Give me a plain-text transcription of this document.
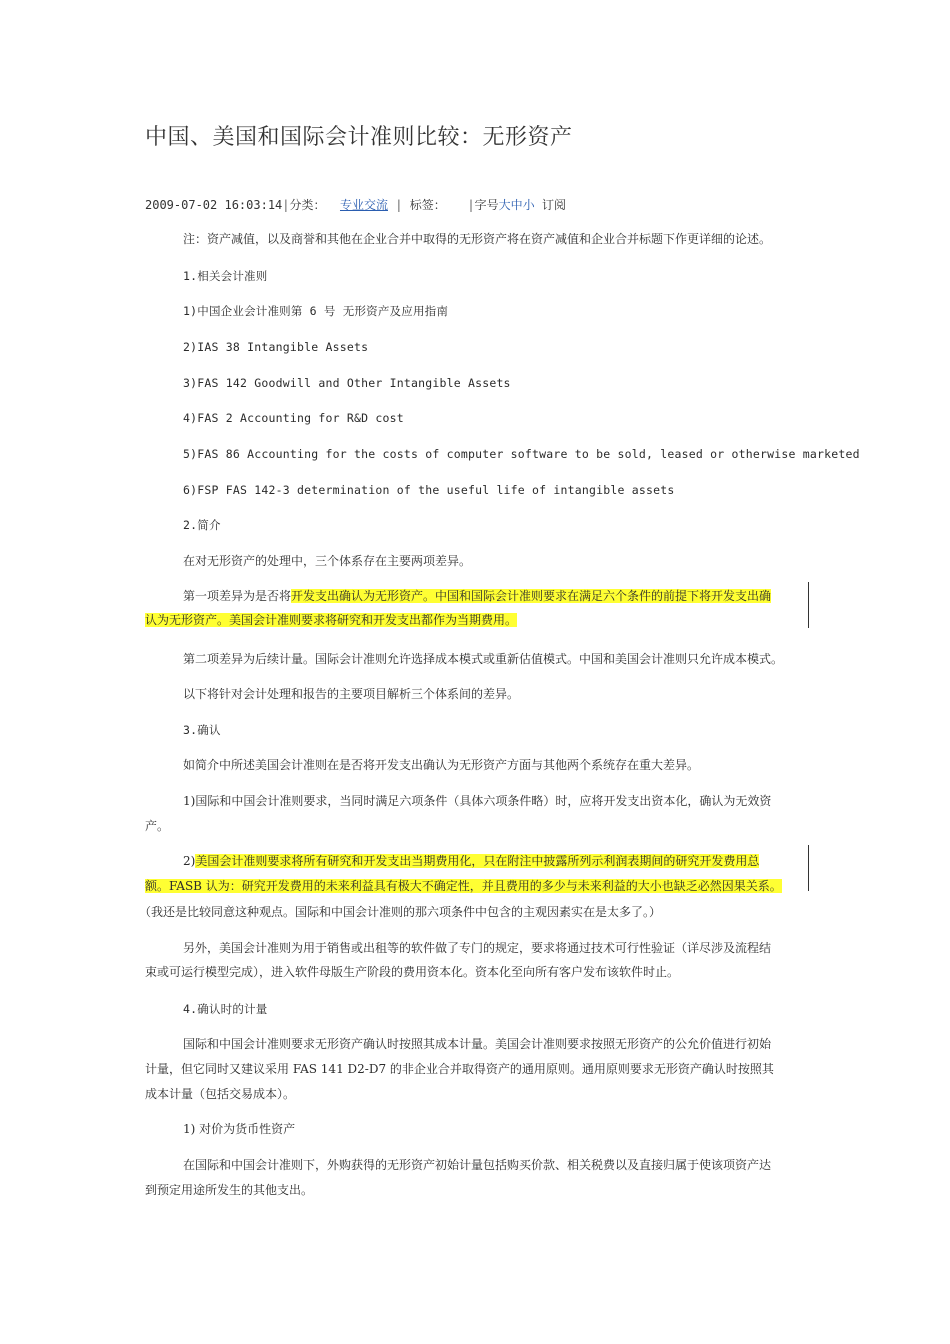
中国、美国和国际会计准则比较：无形资产
2009-07-02 16:03:14|分类： 专业交流 | 标签： |字号大中小 订阅
注：资产减值，以及商誉和其他在企业合并中取得的无形资产将在资产减值和企业合并标题下作更详细的论述。
1.相关会计准则
1)中国企业会计准则第 6 号 无形资产及应用指南
2)IAS 38 Intangible Assets
3)FAS 142 Goodwill and Other Intangible Assets
4)FAS 2 Accounting for R&D cost
5)FAS 86 Accounting for the costs of computer software to be sold, leased or otherwise marketed
6)FSP FAS 142-3 determination of the useful life of intangible assets
2.简介
在对无形资产的处理中，三个体系存在主要两项差异。
第一项差异为是否将开发支出确认为无形资产。中国和国际会计准则要求在满足六个条件的前提下将开发支出确
认为无形资产。美国会计准则要求将研究和开发支出都作为当期费用。
第二项差异为后续计量。国际会计准则允许选择成本模式或重新估值模式。中国和美国会计准则只允许成本模式。
以下将针对会计处理和报告的主要项目解析三个体系间的差异。
3.确认
如简介中所述美国会计准则在是否将开发支出确认为无形资产方面与其他两个系统存在重大差异。
1)国际和中国会计准则要求，当同时满足六项条件（具体六项条件略）时，应将开发支出资本化，确认为无效资
产。
2)美国会计准则要求将所有研究和开发支出当期费用化，只在附注中披露所列示利润表期间的研究开发费用总
额。FASB 认为：研究开发费用的未来利益具有极大不确定性，并且费用的多少与未来利益的大小也缺乏必然因果关系。
（我还是比较同意这种观点。国际和中国会计准则的那六项条件中包含的主观因素实在是太多了。）
另外，美国会计准则为用于销售或出租等的软件做了专门的规定，要求将通过技术可行性验证（详尽涉及流程结
束或可运行模型完成），进入软件母版生产阶段的费用资本化。资本化至向所有客户发布该软件时止。
4.确认时的计量
国际和中国会计准则要求无形资产确认时按照其成本计量。美国会计准则要求按照无形资产的公允价值进行初始
计量，但它同时又建议采用 FAS 141 D2-D7 的非企业合并取得资产的通用原则。通用原则要求无形资产确认时按照其
成本计量（包括交易成本）。
1) 对价为货币性资产
在国际和中国会计准则下，外购获得的无形资产初始计量包括购买价款、相关税费以及直接归属于使该项资产达
到预定用途所发生的其他支出。
